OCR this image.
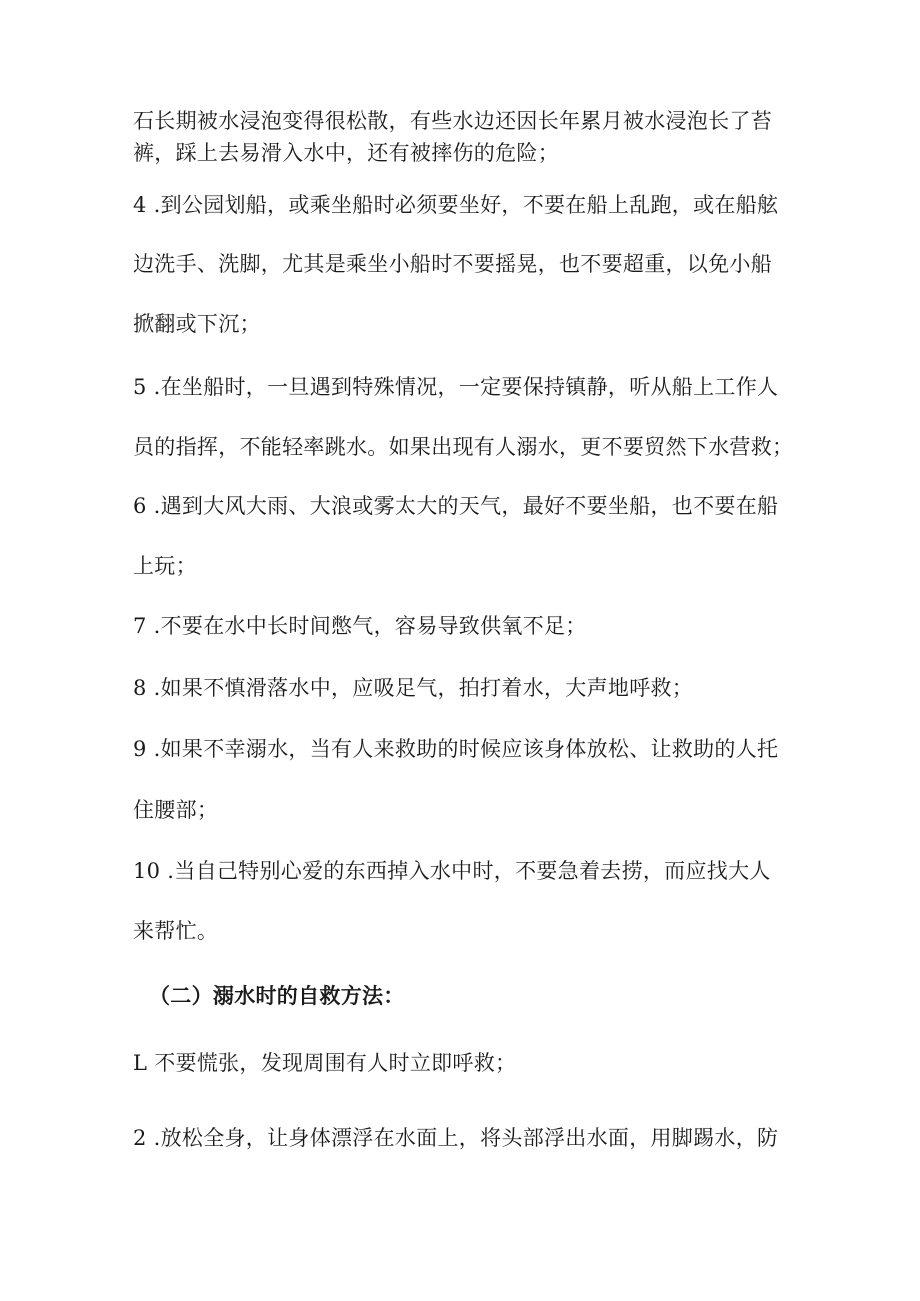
石长期被水浸泡变得很松散，有些水边还因长年累月被水浸泡长了苔
裤，踩上去易滑入水中，还有被摔伤的危险；
4 .到公园划船，或乘坐船时必须要坐好，不要在船上乱跑，或在船舷
边洗手、洗脚，尤其是乘坐小船时不要摇晃，也不要超重，以免小船
掀翻或下沉；
5 .在坐船时，一旦遇到特殊情况，一定要保持镇静，听从船上工作人
员的指挥，不能轻率跳水。如果出现有人溺水，更不要贸然下水营救；
6 .遇到大风大雨、大浪或雾太大的天气，最好不要坐船，也不要在船
上玩；
7 .不要在水中长时间憋气，容易导致供氧不足；
8 .如果不慎滑落水中，应吸足气，拍打着水，大声地呼救；
9 .如果不幸溺水，当有人来救助的时候应该身体放松、让救助的人托
住腰部；
10 .当自己特别心爱的东西掉入水中时，不要急着去捞，而应找大人
来帮忙。
（二）溺水时的自救方法：
L 不要慌张，发现周围有人时立即呼救；
2 .放松全身，让身体漂浮在水面上，将头部浮出水面，用脚踢水，防
